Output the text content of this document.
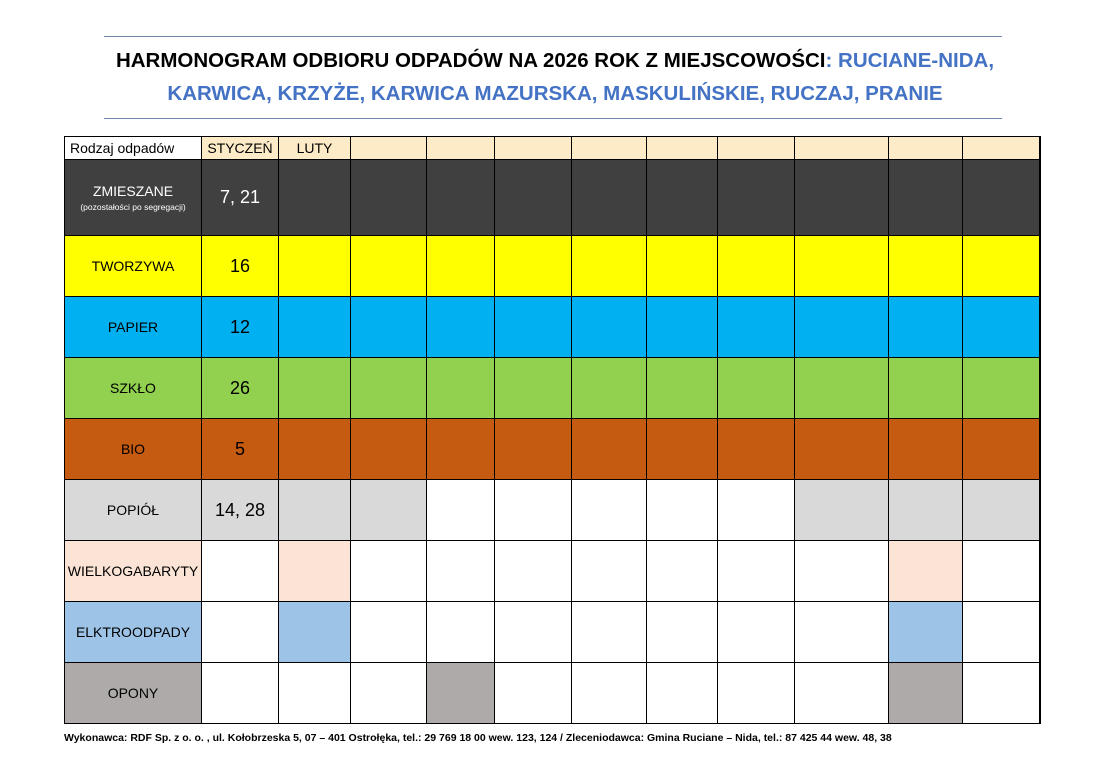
HARMONOGRAM ODBIORU ODPADÓW NA 2026 ROK Z MIEJSCOWOŚCI: RUCIANE-NIDA,
KARWICA, KRZYŻE, KARWICA MAZURSKA, MASKULIŃSKIE, RUCZAJ, PRANIE
Rodzaj odpadów	STYCZEŃ	LUTY										
ZMIESZANE
(pozostałości po segregacji)	7, 21											
TWORZYWA	16											
PAPIER	12											
SZKŁO	26											
BIO	5											
POPIÓŁ	14, 28											
WIELKOGABARYTY												
ELKTROODPADY												
OPONY												
Wykonawca: RDF Sp. z o. o. , ul. Kołobrzeska 5, 07 – 401 Ostrołęka, tel.: 29 769 18 00 wew. 123, 124 / Zleceniodawca: Gmina Ruciane – Nida, tel.: 87 425 44 wew. 48, 38
